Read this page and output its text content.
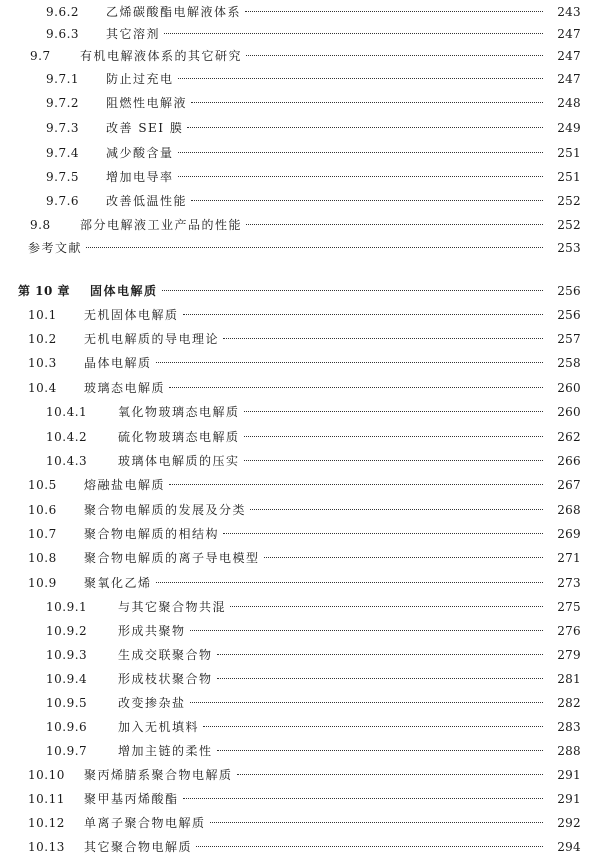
9.6.2	乙烯碳酸酯电解液体系	243
9.6.3	其它溶剂	247
9.7	有机电解液体系的其它研究	247
9.7.1	防止过充电	247
9.7.2	阻燃性电解液	248
9.7.3	改善 SEI 膜	249
9.7.4	减少酸含量	251
9.7.5	增加电导率	251
9.7.6	改善低温性能	252
9.8	部分电解液工业产品的性能	252
参考文献	253
第 10 章	固体电解质	256
10.1	无机固体电解质	256
10.2	无机电解质的导电理论	257
10.3	晶体电解质	258
10.4	玻璃态电解质	260
10.4.1	氧化物玻璃态电解质	260
10.4.2	硫化物玻璃态电解质	262
10.4.3	玻璃体电解质的压实	266
10.5	熔融盐电解质	267
10.6	聚合物电解质的发展及分类	268
10.7	聚合物电解质的相结构	269
10.8	聚合物电解质的离子导电模型	271
10.9	聚氧化乙烯	273
10.9.1	与其它聚合物共混	275
10.9.2	形成共聚物	276
10.9.3	生成交联聚合物	279
10.9.4	形成枝状聚合物	281
10.9.5	改变掺杂盐	282
10.9.6	加入无机填料	283
10.9.7	增加主链的柔性	288
10.10	聚丙烯腈系聚合物电解质	291
10.11	聚甲基丙烯酸酯	291
10.12	单离子聚合物电解质	292
10.13	其它聚合物电解质	294
